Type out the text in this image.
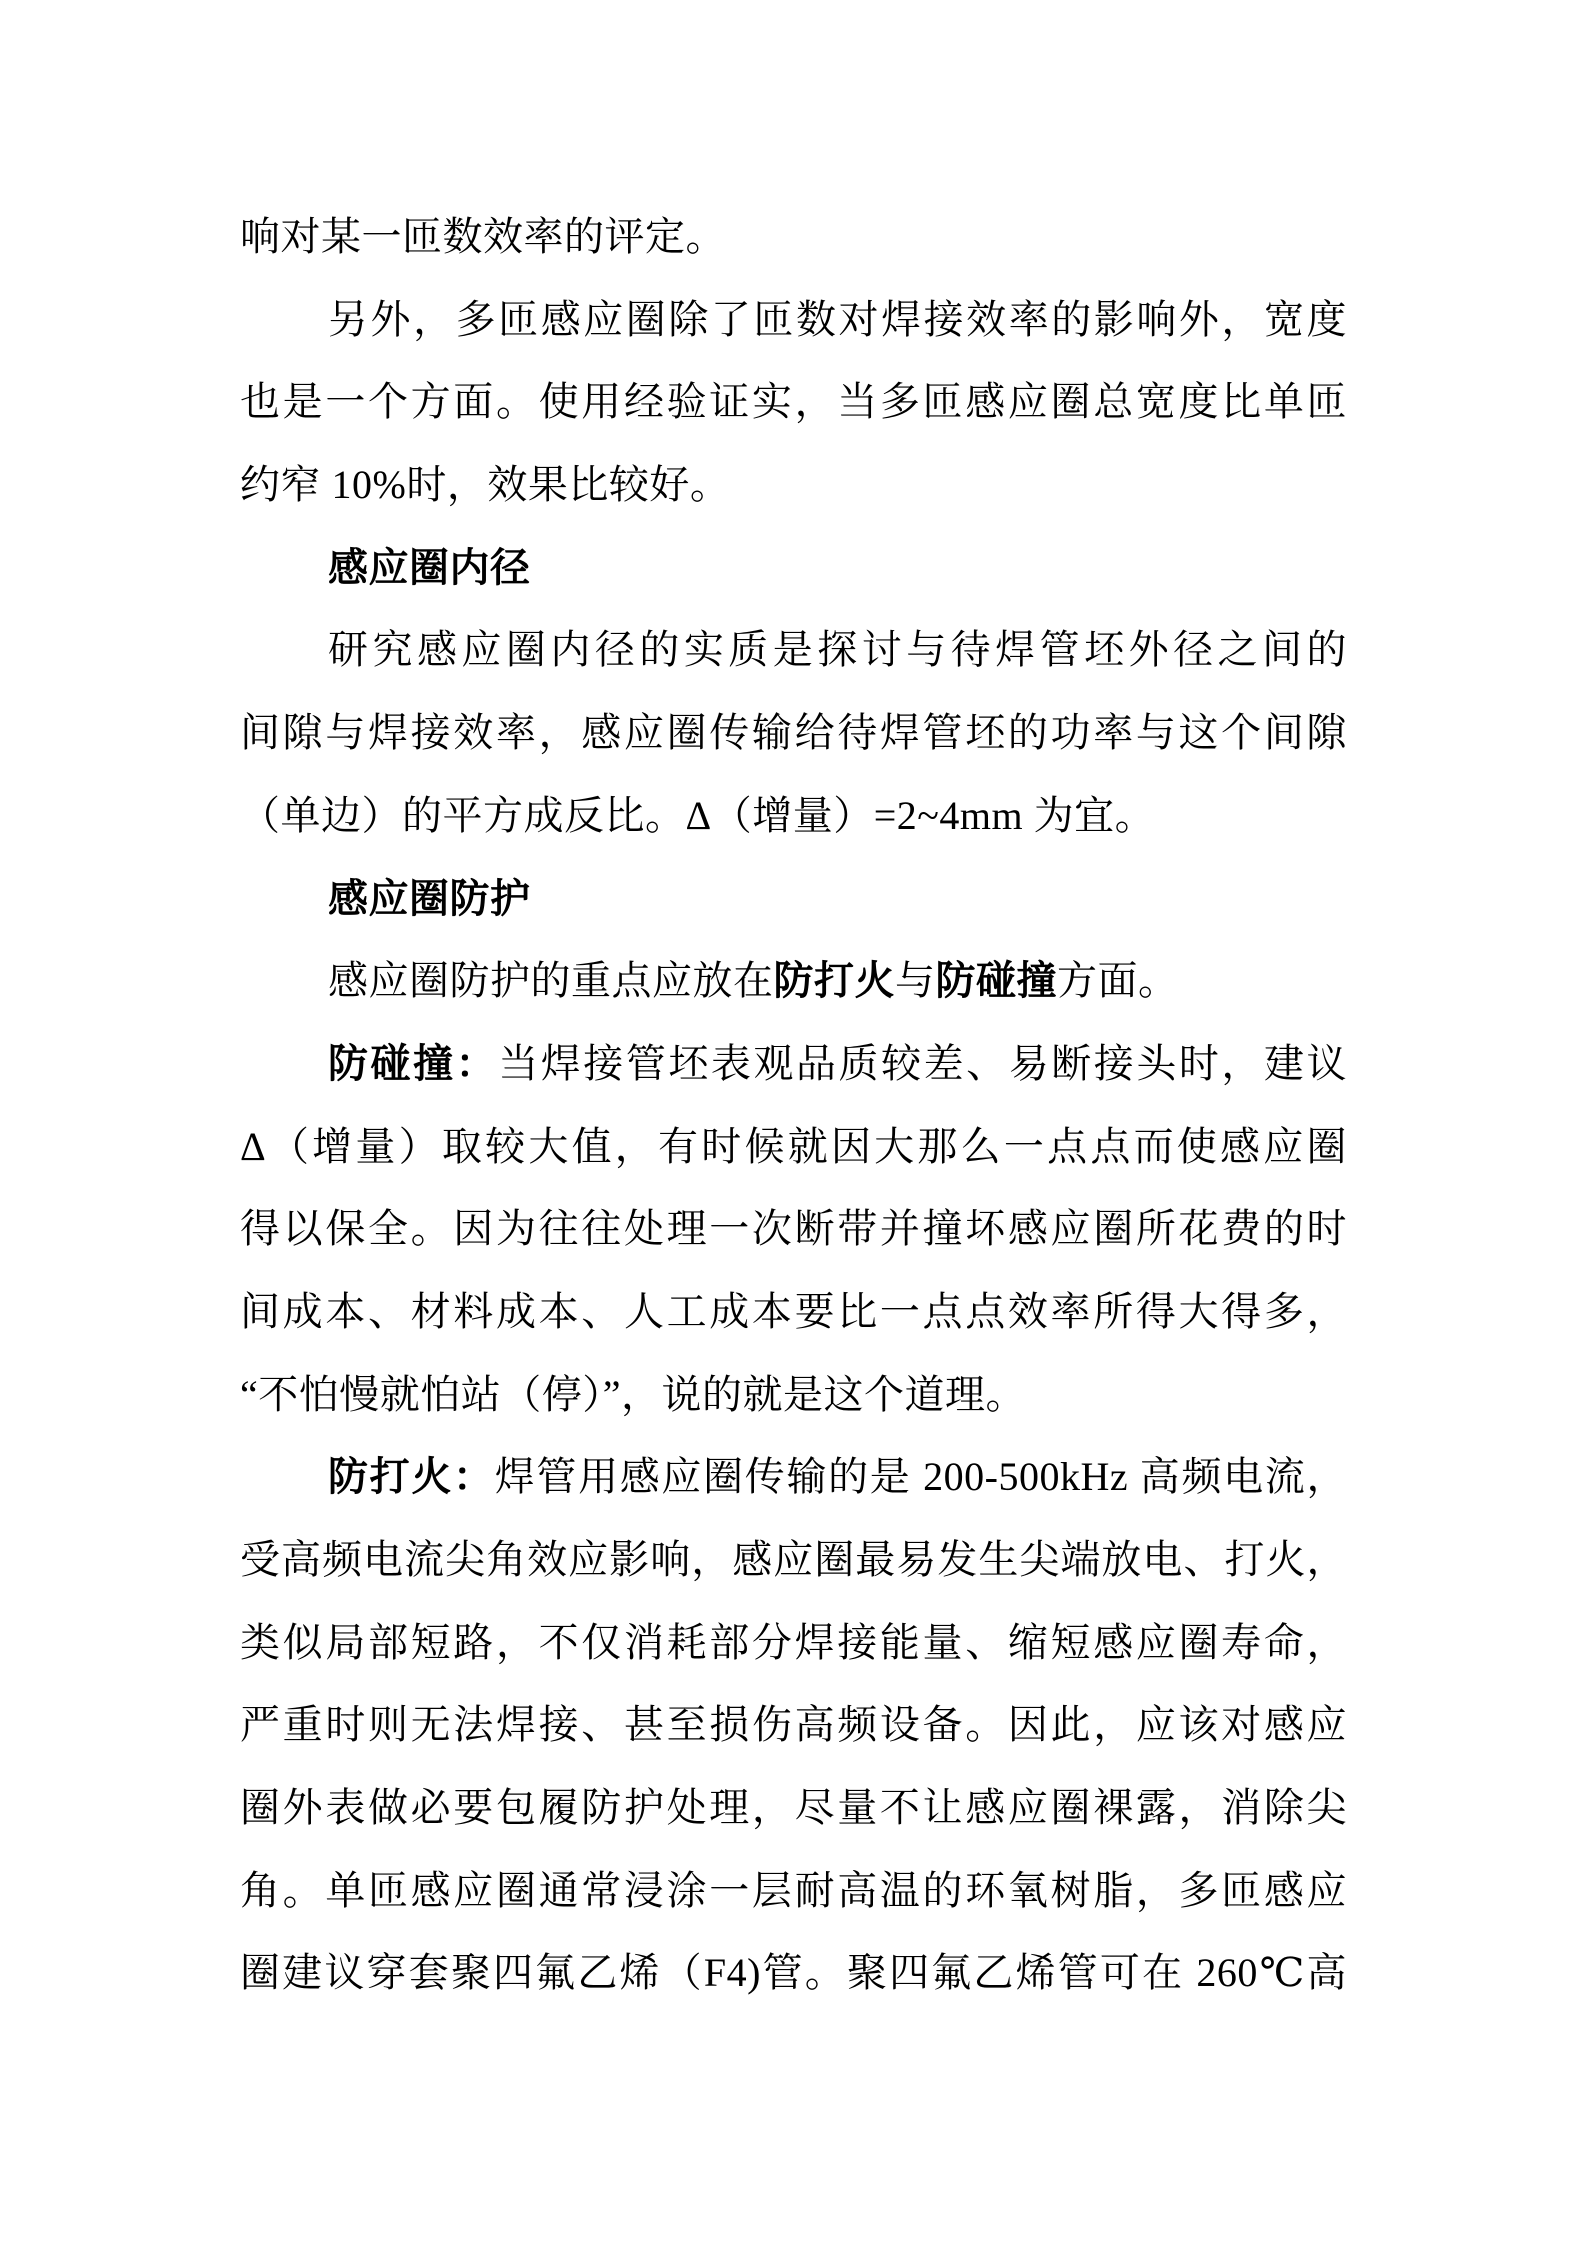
响对某一匝数效率的评定。
另外，多匝感应圈除了匝数对焊接效率的影响外，宽度
也是一个方面。使用经验证实，当多匝感应圈总宽度比单匝
约窄 10%时，效果比较好。
感应圈内径
研究感应圈内径的实质是探讨与待焊管坯外径之间的
间隙与焊接效率，感应圈传输给待焊管坯的功率与这个间隙
（单边）的平方成反比。Δ（增量）=2~4mm 为宜。
感应圈防护
感应圈防护的重点应放在防打火与防碰撞方面。
防碰撞：当焊接管坯表观品质较差、易断接头时，建议
Δ（增量）取较大值，有时候就因大那么一点点而使感应圈
得以保全。因为往往处理一次断带并撞坏感应圈所花费的时
间成本、材料成本、人工成本要比一点点效率所得大得多，
“不怕慢就怕站（停）”，说的就是这个道理。
防打火：焊管用感应圈传输的是 200-500kHz 高频电流，
受高频电流尖角效应影响，感应圈最易发生尖端放电、打火，
类似局部短路，不仅消耗部分焊接能量、缩短感应圈寿命，
严重时则无法焊接、甚至损伤高频设备。因此，应该对感应
圈外表做必要包履防护处理，尽量不让感应圈裸露，消除尖
角。单匝感应圈通常浸涂一层耐高温的环氧树脂，多匝感应
圈建议穿套聚四氟乙烯（F4)管。聚四氟乙烯管可在 260℃高
